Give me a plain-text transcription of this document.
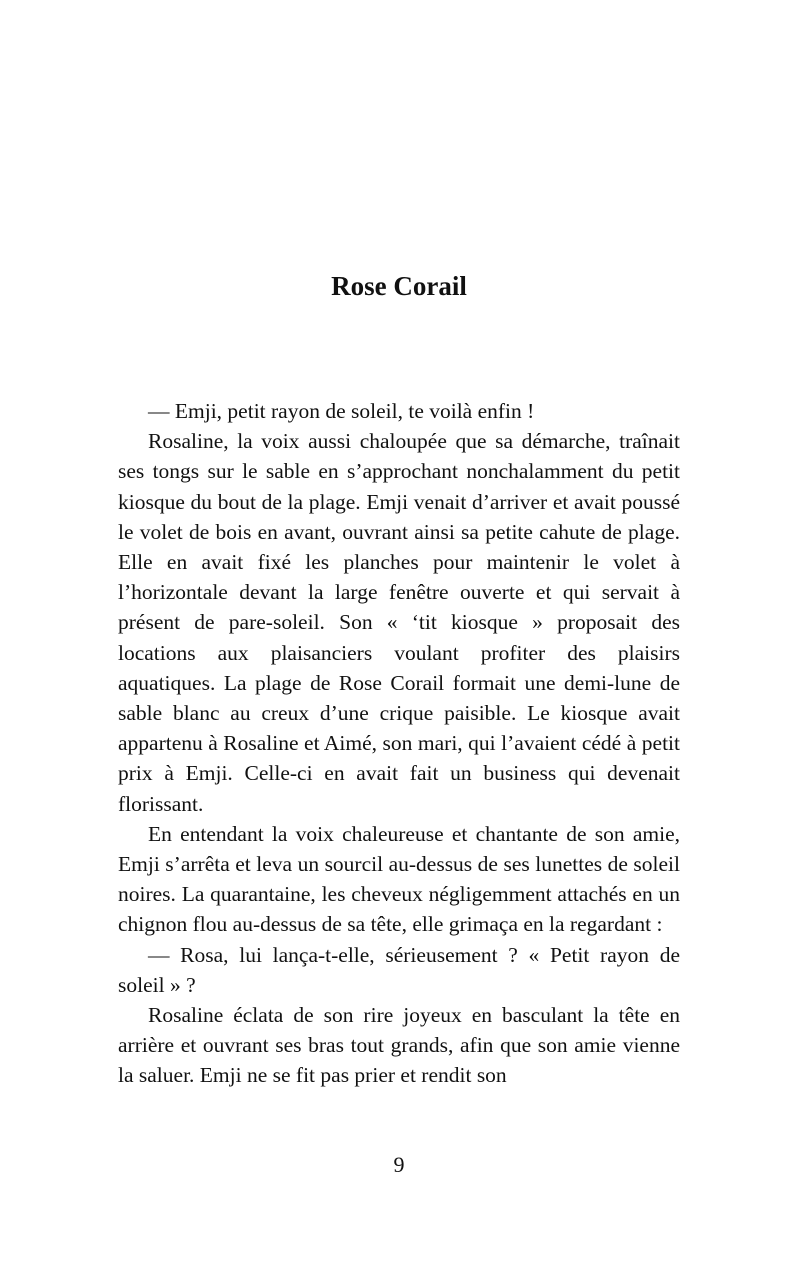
Rose Corail

— Emji, petit rayon de soleil, te voilà enfin !

Rosaline, la voix aussi chaloupée que sa démarche, traînait ses tongs sur le sable en s’approchant nonchalamment du petit kiosque du bout de la plage. Emji venait d’arriver et avait poussé le volet de bois en avant, ouvrant ainsi sa petite cahute de plage. Elle en avait fixé les planches pour maintenir le volet à l’horizontale devant la large fenêtre ouverte et qui servait à présent de pare-soleil. Son « ‘tit kiosque » proposait des locations aux plaisanciers voulant profiter des plaisirs aquatiques. La plage de Rose Corail formait une demi-lune de sable blanc au creux d’une crique paisible. Le kiosque avait appartenu à Rosaline et Aimé, son mari, qui l’avaient cédé à petit prix à Emji. Celle-ci en avait fait un business qui devenait florissant.

En entendant la voix chaleureuse et chantante de son amie, Emji s’arrêta et leva un sourcil au-dessus de ses lunettes de soleil noires. La quarantaine, les cheveux négligemment attachés en un chignon flou au-dessus de sa tête, elle grimaça en la regardant :

— Rosa, lui lança-t-elle, sérieusement ? « Petit rayon de soleil » ?

Rosaline éclata de son rire joyeux en basculant la tête en arrière et ouvrant ses bras tout grands, afin que son amie vienne la saluer. Emji ne se fit pas prier et rendit son

9
